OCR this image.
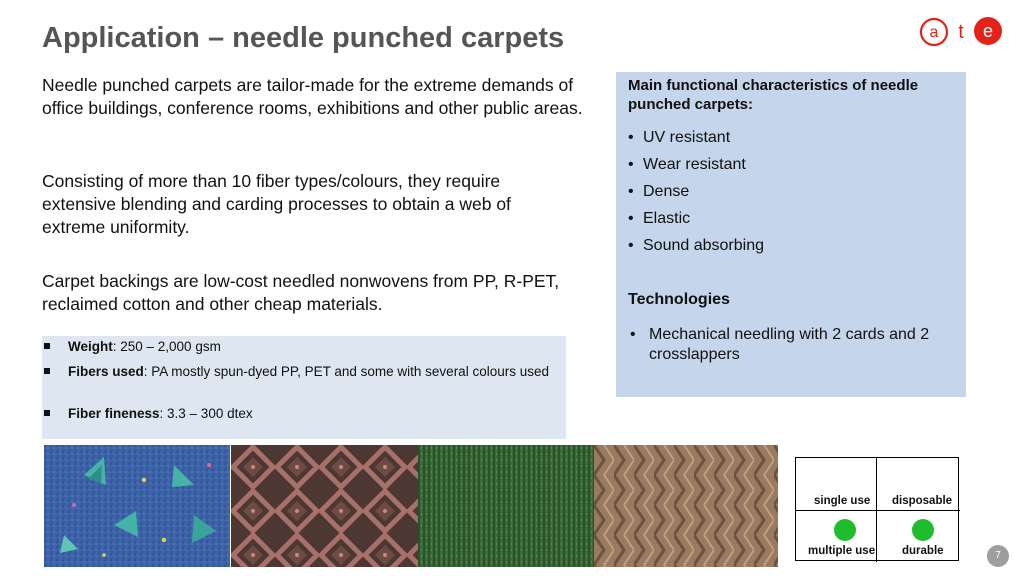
Application – needle punched carpets	a t e
Needle punched carpets are tailor-made for the extreme demands of office buildings, conference rooms, exhibitions and other public areas.
Consisting of more than 10 fiber types/colours, they require extensive blending and carding processes to obtain a web of extreme uniformity.
Carpet backings are low-cost needled nonwovens from PP, R-PET, reclaimed cotton and other cheap materials.
Weight: 250 – 2,000 gsm
Fibers used: PA mostly spun-dyed PP, PET and some with several colours used
Fiber fineness: 3.3 – 300 dtex
Main functional characteristics of needle punched carpets:
• UV resistant
• Wear resistant
• Dense
• Elastic
• Sound absorbing
Technologies
• Mechanical needling with 2 cards and 2 crosslappers
single use disposable
multiple use durable	7
